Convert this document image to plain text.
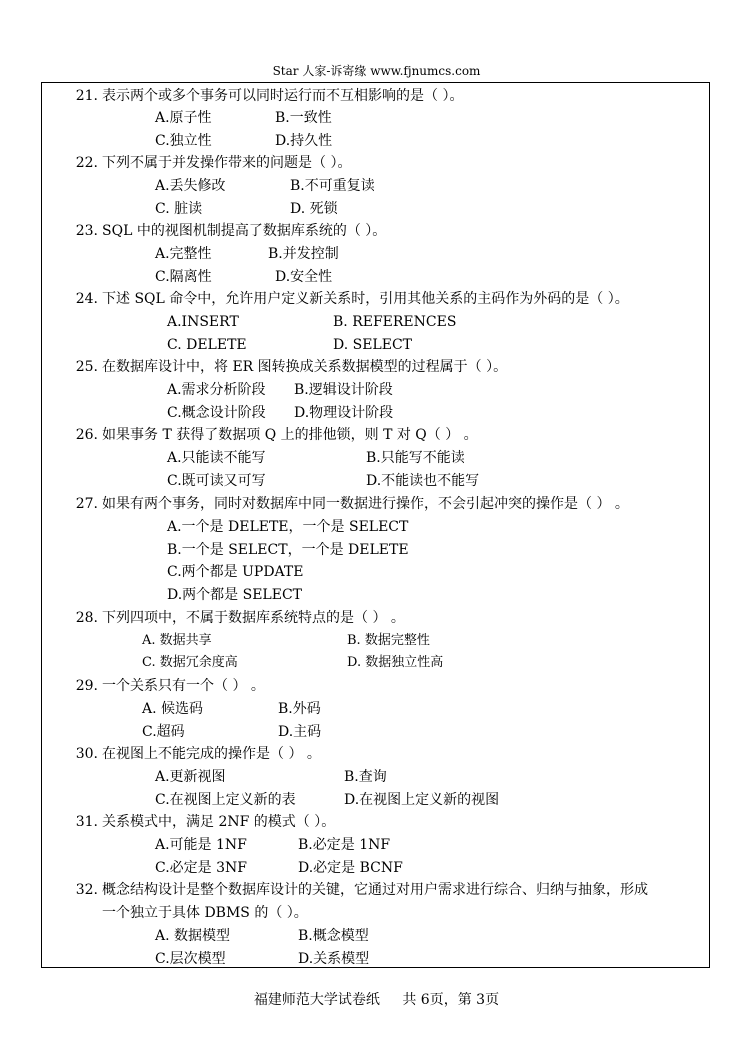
Star 人家-诉寄缘 www.fjnumcs.com
21. 表示两个或多个事务可以同时运行而不互相影响的是（ ）。
A.原子性	B.一致性
C.独立性	D.持久性
22. 下列不属于并发操作带来的问题是（ ）。
A.丢失修改	B.不可重复读
C. 脏读	D. 死锁
23. SQL 中的视图机制提高了数据库系统的（ ）。
A.完整性	B.并发控制
C.隔离性	D.安全性
24. 下述 SQL 命令中，允许用户定义新关系时，引用其他关系的主码作为外码的是（ ）。
A.INSERT	B. REFERENCES
C. DELETE	D. SELECT
25. 在数据库设计中，将 ER 图转换成关系数据模型的过程属于（ ）。
A.需求分析阶段 B.逻辑设计阶段
C.概念设计阶段 D.物理设计阶段
26. 如果事务 T 获得了数据项 Q 上的排他锁，则 T 对 Q（ ） 。
A.只能读不能写	B.只能写不能读
C.既可读又可写	D.不能读也不能写
27. 如果有两个事务，同时对数据库中同一数据进行操作，不会引起冲突的操作是（ ） 。
A.一个是 DELETE，一个是 SELECT
B.一个是 SELECT，一个是 DELETE
C.两个都是 UPDATE
D.两个都是 SELECT
28. 下列四项中，不属于数据库系统特点的是（ ） 。
A. 数据共享	B. 数据完整性
C. 数据冗余度高	D. 数据独立性高
29. 一个关系只有一个（ ） 。
A. 候选码	B.外码
C.超码	D.主码
30. 在视图上不能完成的操作是（ ） 。
A.更新视图	B.查询
C.在视图上定义新的表	D.在视图上定义新的视图
31. 关系模式中，满足 2NF 的模式（ ）。
A.可能是 1NF	B.必定是 1NF
C.必定是 3NF	D.必定是 BCNF
32. 概念结构设计是整个数据库设计的关键，它通过对用户需求进行综合、归纳与抽象，形成
一个独立于具体 DBMS 的（ ）。
A. 数据模型	B.概念模型
C.层次模型	D.关系模型
福建师范大学试卷纸 共 6页，第 3页
